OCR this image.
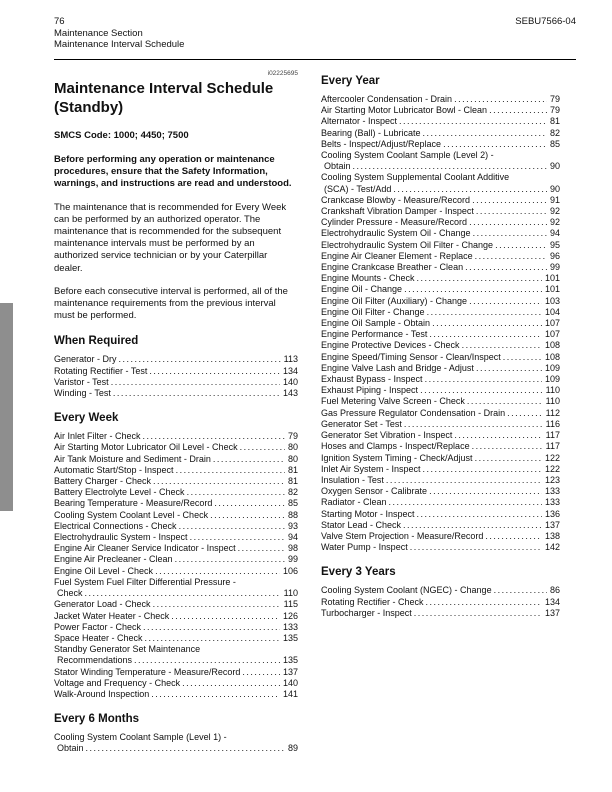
76	SEBU7566-04
Maintenance Section
Maintenance Interval Schedule
i02225695
Maintenance Interval Schedule (Standby)
SMCS Code: 1000; 4450; 7500

Before performing any operation or maintenance procedures, ensure that the Safety Information, warnings, and instructions are read and understood.

The maintenance that is recommended for Every Week can be performed by an authorized operator. The maintenance that is recommended for the subsequent maintenance intervals must be performed by an authorized service technician or by your Caterpillar dealer.

Before each consecutive interval is performed, all of the maintenance requirements from the previous interval must be performed.

When Required
Generator - Dry .....	113
Rotating Rectifier - Test .....	134
Varistor - Test .....	140
Winding - Test .....	143
Every Week
Air Inlet Filter - Check .....	79
Air Starting Motor Lubricator Oil Level - Check .....	80
Air Tank Moisture and Sediment - Drain .....	80
Automatic Start/Stop - Inspect .....	81
Battery Charger - Check .....	81
Battery Electrolyte Level - Check .....	82
Bearing Temperature - Measure/Record .....	85
Cooling System Coolant Level - Check .....	88
Electrical Connections - Check .....	93
Electrohydraulic System - Inspect .....	94
Engine Air Cleaner Service Indicator - Inspect .....	98
Engine Air Precleaner - Clean .....	99
Engine Oil Level - Check .....	106
Fuel System Fuel Filter Differential Pressure -
Check .....	110
Generator Load - Check .....	115
Jacket Water Heater - Check .....	126
Power Factor - Check .....	133
Space Heater - Check .....	135
Standby Generator Set Maintenance
Recommendations .....	135
Stator Winding Temperature - Measure/Record .....	137
Voltage and Frequency - Check .....	140
Walk-Around Inspection .....	141
Every 6 Months
Cooling System Coolant Sample (Level 1) -
Obtain .....	89
Every Year
Aftercooler Condensation - Drain .....	79
Air Starting Motor Lubricator Bowl - Clean .....	79
Alternator - Inspect .....	81
Bearing (Ball) - Lubricate .....	82
Belts - Inspect/Adjust/Replace .....	85
Cooling System Coolant Sample (Level 2) -
Obtain .....	90
Cooling System Supplemental Coolant Additive
(SCA) - Test/Add .....	90
Crankcase Blowby - Measure/Record .....	91
Crankshaft Vibration Damper - Inspect .....	92
Cylinder Pressure - Measure/Record .....	92
Electrohydraulic System Oil - Change .....	94
Electrohydraulic System Oil Filter - Change .....	95
Engine Air Cleaner Element - Replace .....	96
Engine Crankcase Breather - Clean .....	99
Engine Mounts - Check .....	101
Engine Oil - Change .....	101
Engine Oil Filter (Auxiliary) - Change .....	103
Engine Oil Filter - Change .....	104
Engine Oil Sample - Obtain .....	107
Engine Performance - Test .....	107
Engine Protective Devices - Check .....	108
Engine Speed/Timing Sensor - Clean/Inspect .....	108
Engine Valve Lash and Bridge - Adjust .....	109
Exhaust Bypass - Inspect .....	109
Exhaust Piping - Inspect .....	110
Fuel Metering Valve Screen - Check .....	110
Gas Pressure Regulator Condensation - Drain .....	112
Generator Set - Test .....	116
Generator Set Vibration - Inspect .....	117
Hoses and Clamps - Inspect/Replace .....	117
Ignition System Timing - Check/Adjust .....	122
Inlet Air System - Inspect .....	122
Insulation - Test .....	123
Oxygen Sensor - Calibrate .....	133
Radiator - Clean .....	133
Starting Motor - Inspect .....	136
Stator Lead - Check .....	137
Valve Stem Projection - Measure/Record .....	138
Water Pump - Inspect .....	142
Every 3 Years
Cooling System Coolant (NGEC) - Change .....	86
Rotating Rectifier - Check .....	134
Turbocharger - Inspect .....	137
